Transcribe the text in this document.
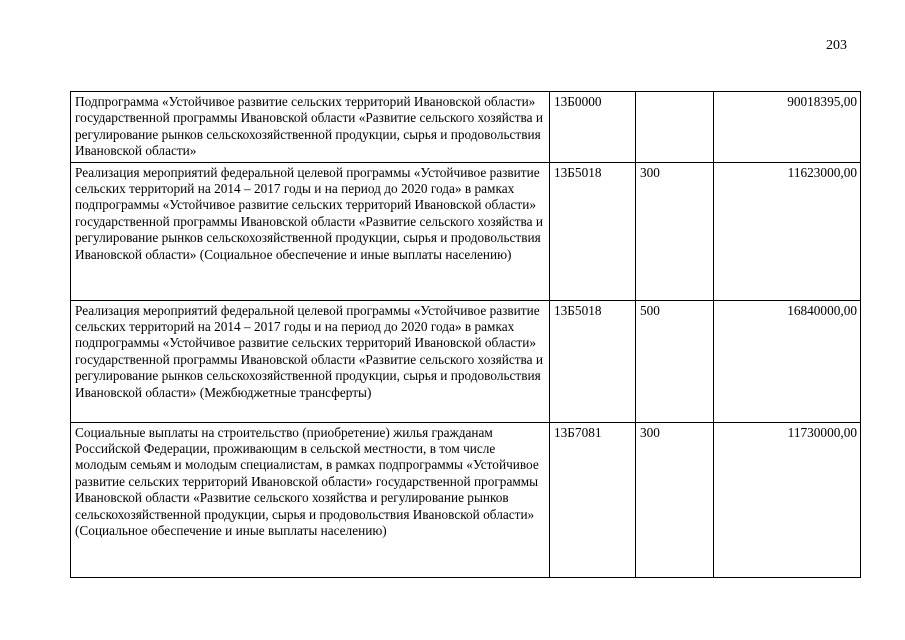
203
Подпрограмма «Устойчивое развитие сельских территорий Ивановской области» государственной программы Ивановской области «Развитие сельского хозяйства и регулирование рынков сельскохозяйственной продукции, сырья и продовольствия Ивановской области»	13Б0000		90018395,00
Реализация мероприятий федеральной целевой программы «Устойчивое развитие сельских территорий на 2014 – 2017 годы и на период до 2020 года» в рамках подпрограммы «Устойчивое развитие сельских территорий Ивановской области» государственной программы Ивановской области «Развитие сельского хозяйства и регулирование рынков сельскохозяйственной продукции, сырья и продовольствия Ивановской области» (Социальное обеспечение и иные выплаты населению)	13Б5018	300	11623000,00
Реализация мероприятий федеральной целевой программы «Устойчивое развитие сельских территорий на 2014 – 2017 годы и на период до 2020 года» в рамках подпрограммы «Устойчивое развитие сельских территорий Ивановской области» государственной программы Ивановской области «Развитие сельского хозяйства и регулирование рынков сельскохозяйственной продукции, сырья и продовольствия Ивановской области» (Межбюджетные трансферты)	13Б5018	500	16840000,00
Социальные выплаты на строительство (приобретение) жилья гражданам Российской Федерации, проживающим в сельской местности, в том числе молодым семьям и молодым специалистам, в рамках подпрограммы «Устойчивое развитие сельских территорий Ивановской области» государственной программы Ивановской области «Развитие сельского хозяйства и регулирование рынков сельскохозяйственной продукции, сырья и продовольствия Ивановской области» (Социальное обеспечение и иные выплаты населению)	13Б7081	300	11730000,00
